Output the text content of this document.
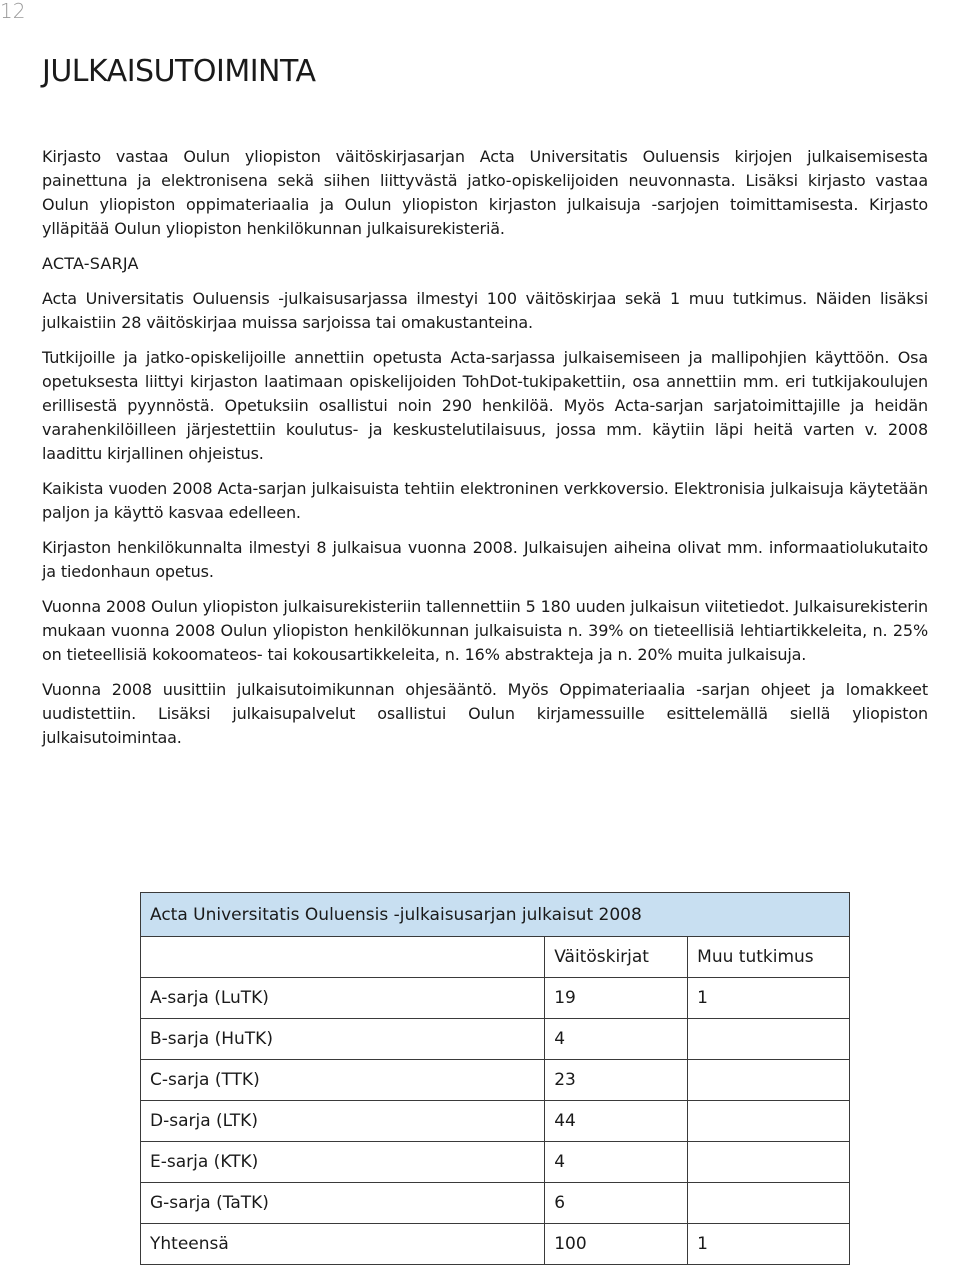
12
JULKAISUTOIMINTA

Kirjasto vastaa Oulun yliopiston väitöskirjasarjan Acta Universitatis Ouluensis kirjojen julkaisemisesta painettuna ja elektronisena sekä siihen liittyvästä jatko-opiskelijoiden neuvonnasta. Lisäksi kirjasto vastaa Oulun yliopiston oppimateriaalia ja Oulun yliopiston kirjaston julkaisuja -sarjojen toimittamisesta. Kirjasto ylläpitää Oulun yliopiston henkilökunnan julkaisurekisteriä.

ACTA-SARJA

Acta Universitatis Ouluensis -julkaisusarjassa ilmestyi 100 väitöskirjaa sekä 1 muu tutkimus. Näiden lisäksi julkaistiin 28 väitöskirjaa muissa sarjoissa tai omakustanteina.

Tutkijoille ja jatko-opiskelijoille annettiin opetusta Acta-sarjassa julkaisemiseen ja mallipohjien käyttöön. Osa opetuksesta liittyi kirjaston laatimaan opiskelijoiden TohDot-tukipakettiin, osa annettiin mm. eri tutkijakoulujen erillisestä pyynnöstä. Opetuksiin osallistui noin 290 henkilöä. Myös Acta-sarjan sarjatoimittajille ja heidän varahenkilöilleen järjestettiin koulutus- ja keskustelutilaisuus, jossa mm. käytiin läpi heitä varten v. 2008 laadittu kirjallinen ohjeistus.

Kaikista vuoden 2008 Acta-sarjan julkaisuista tehtiin elektroninen verkkoversio. Elektronisia julkaisuja käytetään paljon ja käyttö kasvaa edelleen.

Kirjaston henkilökunnalta ilmestyi 8 julkaisua vuonna 2008. Julkaisujen aiheina olivat mm. informaatiolukutaito ja tiedonhaun opetus.

Vuonna 2008 Oulun yliopiston julkaisurekisteriin tallennettiin 5 180 uuden julkaisun viitetiedot. Julkaisurekisterin mukaan vuonna 2008 Oulun yliopiston henkilökunnan julkaisuista n. 39% on tieteellisiä lehtiartikkeleita, n. 25% on tieteellisiä kokoomateos- tai kokousartikkeleita, n. 16% abstrakteja ja n. 20% muita julkaisuja.

Vuonna 2008 uusittiin julkaisutoimikunnan ohjesääntö. Myös Oppimateriaalia -sarjan ohjeet ja lomakkeet uudistettiin. Lisäksi julkaisupalvelut osallistui Oulun kirjamessuille esittelemällä siellä yliopiston julkaisutoimintaa.

Acta Universitatis Ouluensis -julkaisusarjan julkaisut 2008		
	Väitöskirjat	Muu tutkimus
A-sarja (LuTK)	19	1
B-sarja (HuTK)	4	
C-sarja (TTK)	23	
D-sarja (LTK)	44	
E-sarja (KTK)	4	
G-sarja (TaTK)	6	
Yhteensä	100	1
